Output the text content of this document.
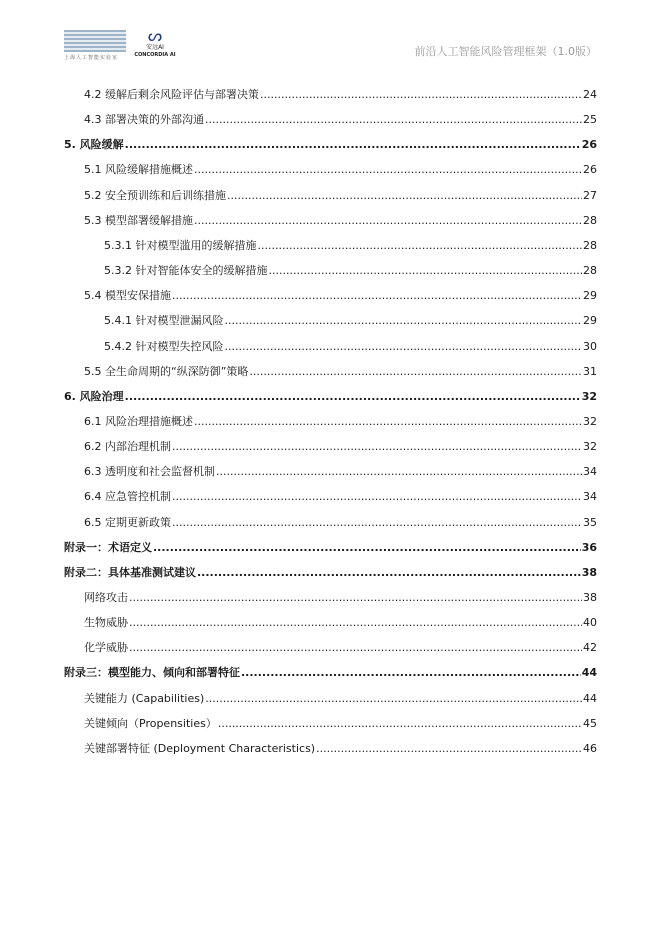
上海人工智能实验室
ᔕ
安远AI
CONCORDIA AI	前沿人工智能风险管理框架（1.0版）
4.2 缓解后剩余风险评估与部署决策 .....	24
4.3 部署决策的外部沟通 .....	25
5. 风险缓解 .....	26
5.1 风险缓解措施概述 .....	26
5.2 安全预训练和后训练措施 .....	27
5.3 模型部署缓解措施 .....	28
5.3.1 针对模型滥用的缓解措施 .....	28
5.3.2 针对智能体安全的缓解措施 .....	28
5.4 模型安保措施 .....	29
5.4.1 针对模型泄漏风险 .....	29
5.4.2 针对模型失控风险 .....	30
5.5 全生命周期的“纵深防御”策略 .....	31
6. 风险治理 .....	32
6.1 风险治理措施概述 .....	32
6.2 内部治理机制 .....	32
6.3 透明度和社会监督机制 .....	34
6.4 应急管控机制 .....	34
6.5 定期更新政策 .....	35
附录一：术语定义 .....	36
附录二：具体基准测试建议 .....	38
网络攻击 .....	38
生物威胁 .....	40
化学威胁 .....	42
附录三：模型能力、倾向和部署特征 .....	44
关键能力 (Capabilities) .....	44
关键倾向（Propensities） .....	45
关键部署特征 (Deployment Characteristics) .....	46
